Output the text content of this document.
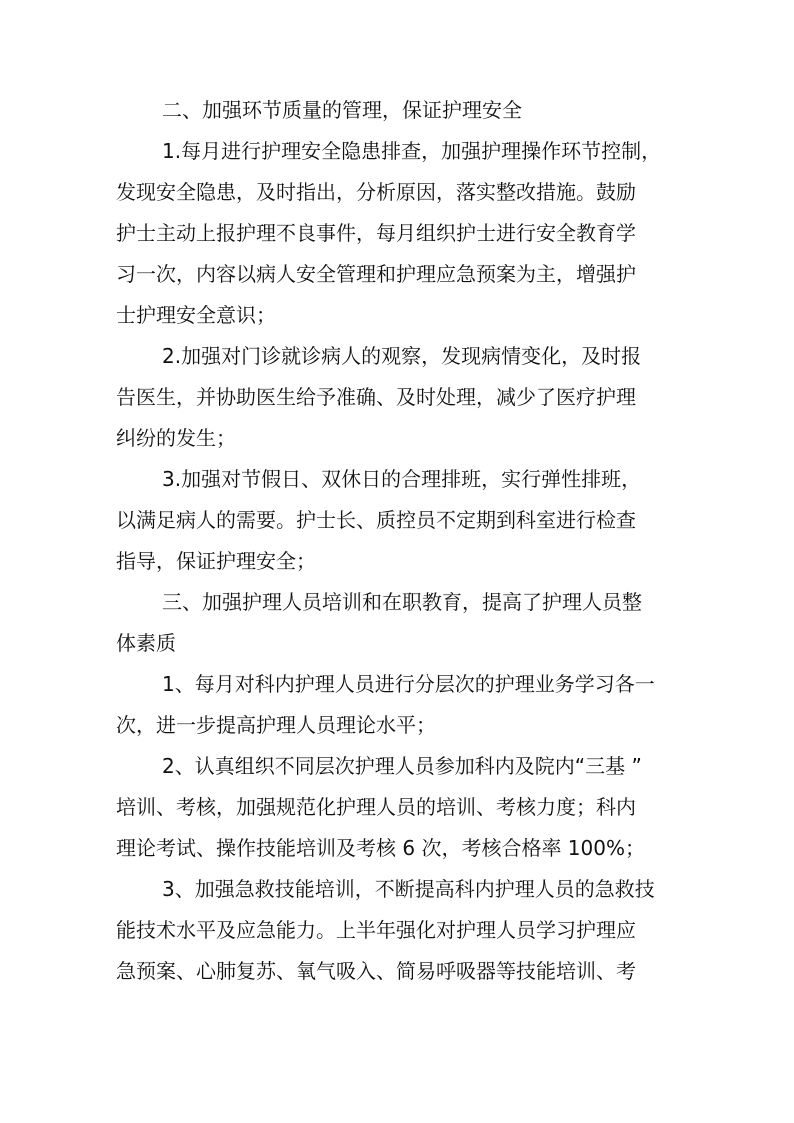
二、加强环节质量的管理，保证护理安全

1.每月进行护理安全隐患排查，加强护理操作环节控制，

发现安全隐患，及时指出，分析原因，落实整改措施。鼓励

护士主动上报护理不良事件，每月组织护士进行安全教育学

习一次，内容以病人安全管理和护理应急预案为主，增强护

士护理安全意识；

2.加强对门诊就诊病人的观察，发现病情变化，及时报

告医生，并协助医生给予准确、及时处理，减少了医疗护理

纠纷的发生；

3.加强对节假日、双休日的合理排班，实行弹性排班，

以满足病人的需要。护士长、质控员不定期到科室进行检查

指导，保证护理安全；

三、加强护理人员培训和在职教育，提高了护理人员整

体素质

1、每月对科内护理人员进行分层次的护理业务学习各一

次，进一步提高护理人员理论水平；

2、认真组织不同层次护理人员参加科内及院内“三基 ”

培训、考核，加强规范化护理人员的培训、考核力度；科内

理论考试、操作技能培训及考核 6 次，考核合格率 100%；

3、加强急救技能培训，不断提高科内护理人员的急救技

能技术水平及应急能力。上半年强化对护理人员学习护理应

急预案、心肺复苏、氧气吸入、简易呼吸器等技能培训、考
